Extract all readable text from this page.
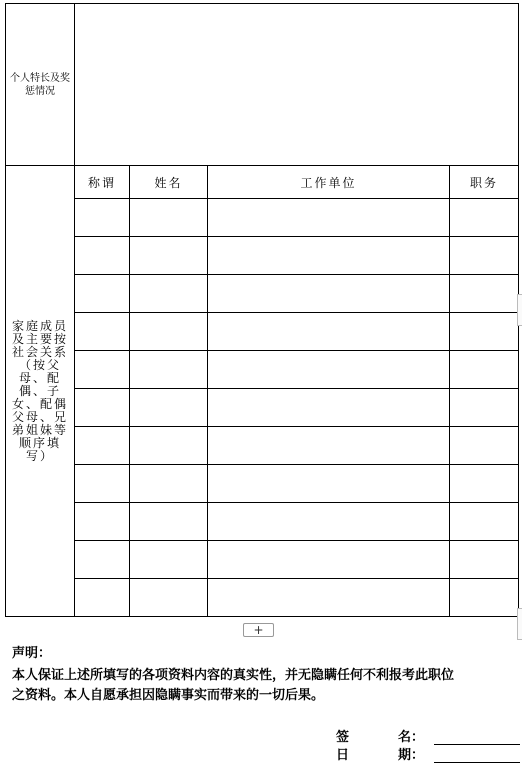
个人特长及奖惩情况				
家庭成员及主要按社会关系（按父母、配偶、子女、配偶父母、兄弟姐妹等顺序填写）	称谓	姓名	工作单位	职务

+
声明：
本人保证上述所填写的各项资料内容的真实性，并无隐瞒任何不利报考此职位
之资料。本人自愿承担因隐瞒事实而带来的一切后果。
签	名：
日	期：
